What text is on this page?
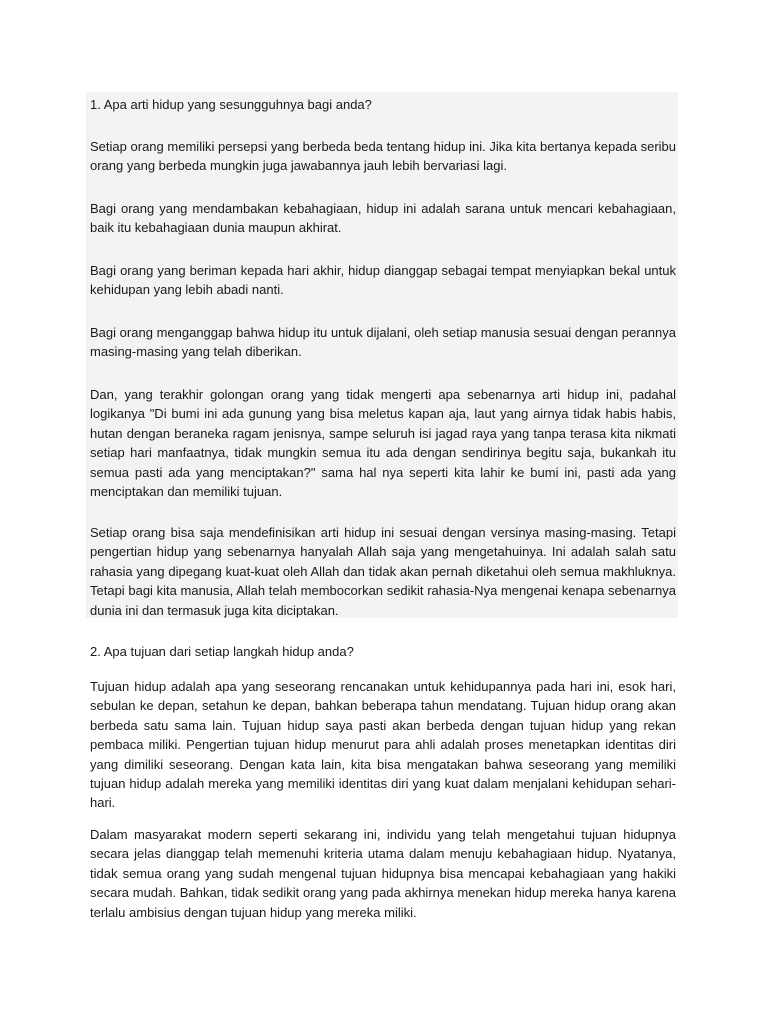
1. Apa arti hidup yang sesungguhnya bagi anda?

Setiap orang memiliki persepsi yang berbeda beda tentang hidup ini. Jika kita bertanya kepada seribu orang yang berbeda mungkin juga jawabannya jauh lebih bervariasi lagi.

Bagi orang yang mendambakan kebahagiaan, hidup ini adalah sarana untuk mencari kebahagiaan, baik itu kebahagiaan dunia maupun akhirat.

Bagi orang yang beriman kepada hari akhir, hidup dianggap sebagai tempat menyiapkan bekal untuk kehidupan yang lebih abadi nanti.

Bagi orang menganggap bahwa hidup itu untuk dijalani, oleh setiap manusia sesuai dengan perannya masing-masing yang telah diberikan.

Dan, yang terakhir golongan orang yang tidak mengerti apa sebenarnya arti hidup ini, padahal logikanya "Di bumi ini ada gunung yang bisa meletus kapan aja, laut yang airnya tidak habis habis, hutan dengan beraneka ragam jenisnya, sampe seluruh isi jagad raya yang tanpa terasa kita nikmati setiap hari manfaatnya, tidak mungkin semua itu ada dengan sendirinya begitu saja, bukankah itu semua pasti ada yang menciptakan?" sama hal nya seperti kita lahir ke bumi ini, pasti ada yang menciptakan dan memiliki tujuan.

Setiap orang bisa saja mendefinisikan arti hidup ini sesuai dengan versinya masing-masing. Tetapi pengertian hidup yang sebenarnya hanyalah Allah saja yang mengetahuinya. Ini adalah salah satu rahasia yang dipegang kuat-kuat oleh Allah dan tidak akan pernah diketahui oleh semua makhluknya. Tetapi bagi kita manusia, Allah telah membocorkan sedikit rahasia-Nya mengenai kenapa sebenarnya dunia ini dan termasuk juga kita diciptakan.

2. Apa tujuan dari setiap langkah hidup anda?

Tujuan hidup adalah apa yang seseorang rencanakan untuk kehidupannya pada hari ini, esok hari, sebulan ke depan, setahun ke depan, bahkan beberapa tahun mendatang. Tujuan hidup orang akan berbeda satu sama lain. Tujuan hidup saya pasti akan berbeda dengan tujuan hidup yang rekan pembaca miliki. Pengertian tujuan hidup menurut para ahli adalah proses menetapkan identitas diri yang dimiliki seseorang. Dengan kata lain, kita bisa mengatakan bahwa seseorang yang memiliki tujuan hidup adalah mereka yang memiliki identitas diri yang kuat dalam menjalani kehidupan sehari-hari.

Dalam masyarakat modern seperti sekarang ini, individu yang telah mengetahui tujuan hidupnya secara jelas dianggap telah memenuhi kriteria utama dalam menuju kebahagiaan hidup. Nyatanya, tidak semua orang yang sudah mengenal tujuan hidupnya bisa mencapai kebahagiaan yang hakiki secara mudah. Bahkan, tidak sedikit orang yang pada akhirnya menekan hidup mereka hanya karena terlalu ambisius dengan tujuan hidup yang mereka miliki.
